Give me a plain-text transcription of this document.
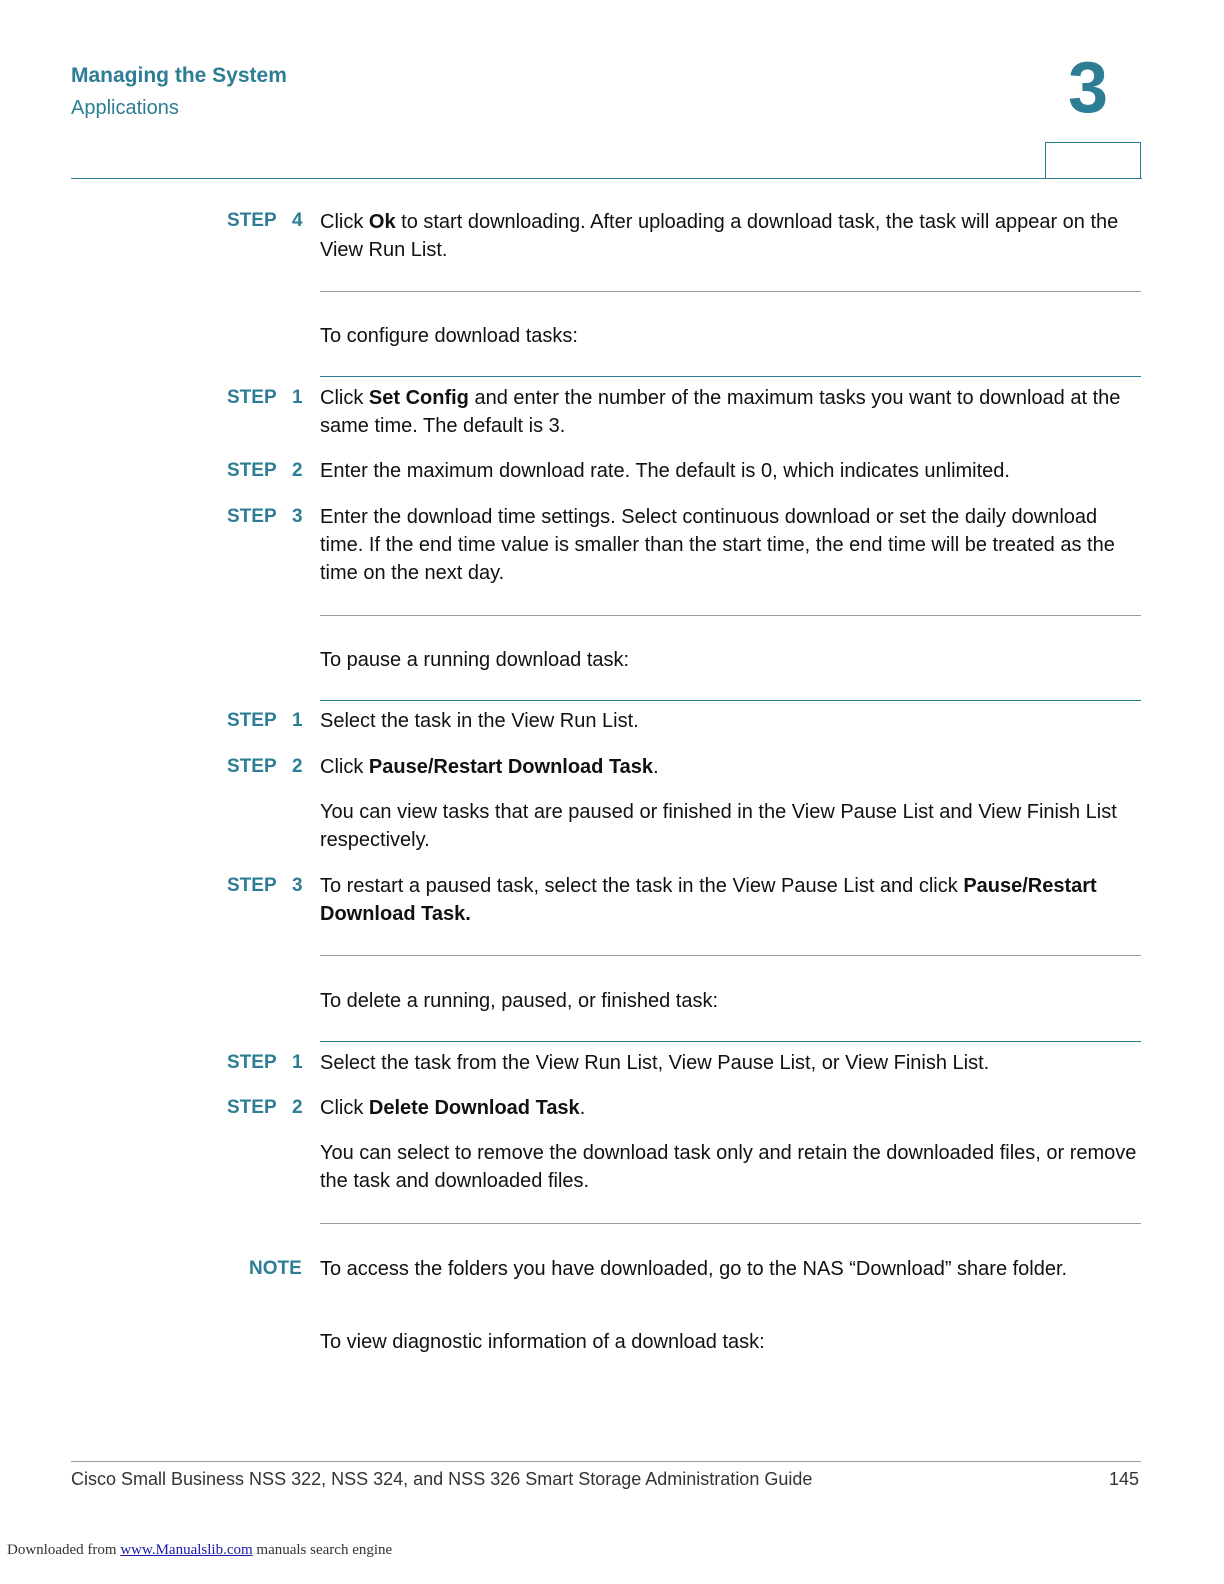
Managing the System
Applications	3
STEP 4 Click Ok to start downloading. After uploading a download task, the task will appear on the View Run List.
To configure download tasks:
STEP 1 Click Set Config and enter the number of the maximum tasks you want to download at the same time. The default is 3.
STEP 2 Enter the maximum download rate. The default is 0, which indicates unlimited.
STEP 3 Enter the download time settings. Select continuous download or set the daily download time. If the end time value is smaller than the start time, the end time will be treated as the time on the next day.
To pause a running download task:
STEP 1 Select the task in the View Run List.
STEP 2 Click Pause/Restart Download Task.
You can view tasks that are paused or finished in the View Pause List and View Finish List respectively.
STEP 3 To restart a paused task, select the task in the View Pause List and click Pause/Restart Download Task.
To delete a running, paused, or finished task:
STEP 1 Select the task from the View Run List, View Pause List, or View Finish List.
STEP 2 Click Delete Download Task.
You can select to remove the download task only and retain the downloaded files, or remove the task and downloaded files.
NOTE To access the folders you have downloaded, go to the NAS “Download” share folder.
To view diagnostic information of a download task:
Cisco Small Business NSS 322, NSS 324, and NSS 326 Smart Storage Administration Guide	145
Downloaded from www.Manualslib.com manuals search engine
